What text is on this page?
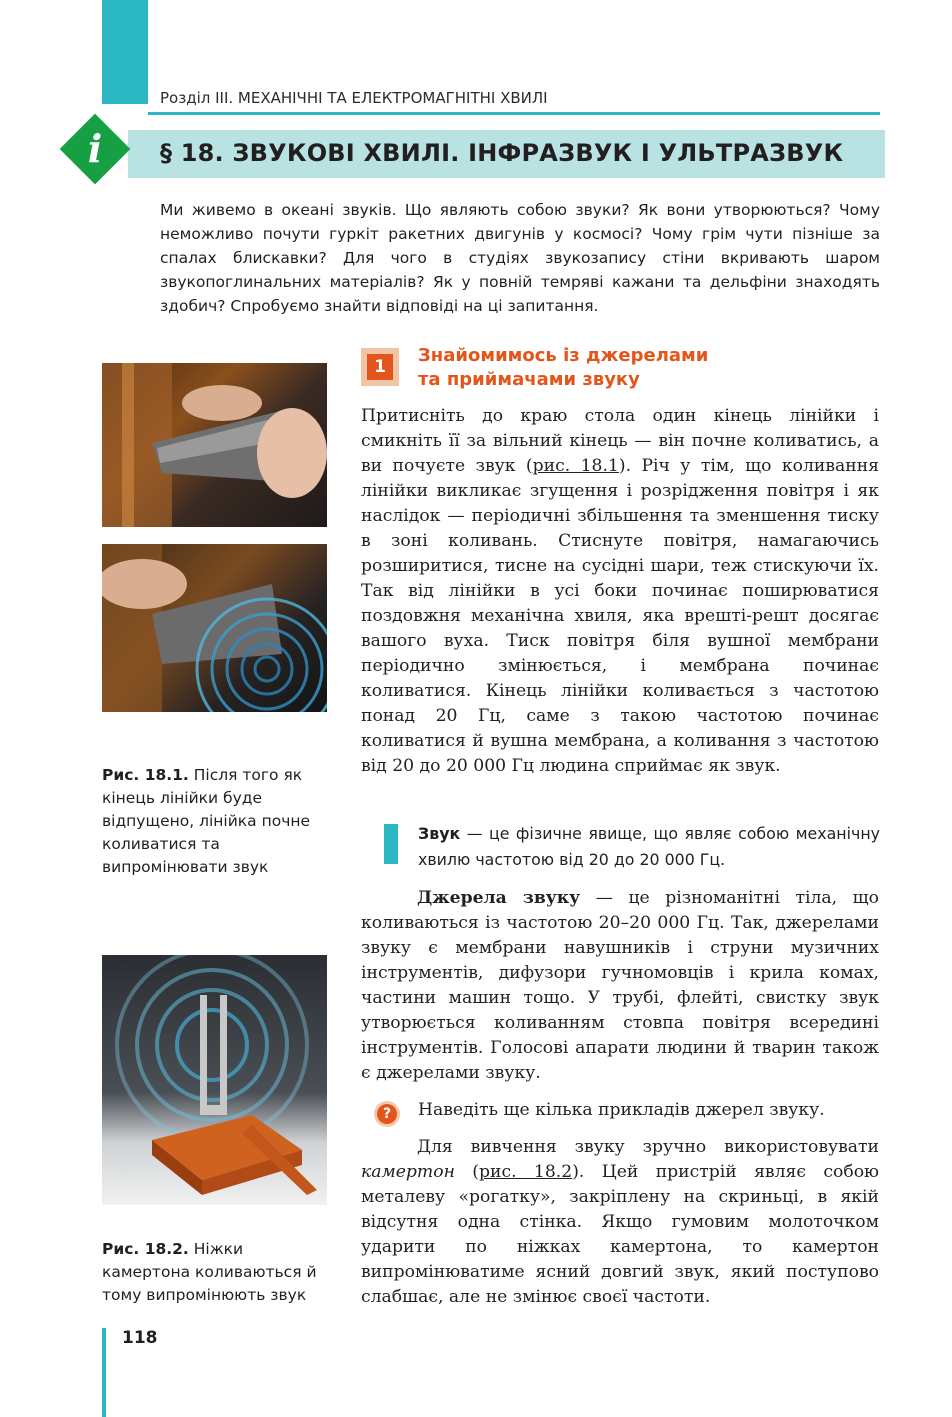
Розділ ІІІ. МЕХАНІЧНІ ТА ЕЛЕКТРОМАГНІТНІ ХВИЛІ
i	§ 18. ЗВУКОВІ ХВИЛІ. ІНФРАЗВУК І УЛЬТРАЗВУК

Ми живемо в океані звуків. Що являють собою звуки? Як вони утворюються? Чому неможливо почути гуркіт ракетних двигунів у космосі? Чому грім чути пізніше за спалах блискавки? Для чого в студіях звукозапису стіни вкривають шаром звукопоглинальних матеріалів? Як у повній темряві кажани та дельфіни знаходять здобич? Спробуємо знайти відповіді на ці запитання.

Рис. 18.1. Після того як кінець лінійки буде відпущено, лінійка почне коливатися та випромінювати звук
Рис. 18.2. Ніжки камертона коливаються й тому випромінюють звук
1
Знайомимось із джерелами
та приймачами звуку

Притисніть до краю стола один кінець лінійки і смикніть її за вільний кінець — він почне коливатись, а ви почуєте звук (рис. 18.1). Річ у тім, що коливання лінійки викликає згущення і розрідження повітря і як наслідок — періодичні збільшення та зменшення тиску в зоні коливань. Стиснуте повітря, намагаючись розширитися, тисне на сусідні шари, теж стискуючи їх. Так від лінійки в усі боки починає поширюватися поздовжня механічна хвиля, яка врешті-решт досягає вашого вуха. Тиск повітря біля вушної мембрани періодично змінюється, і мембрана починає коливатися. Кінець лінійки коливається з частотою понад 20 Гц, саме з такою частотою починає коливатися й вушна мембрана, а коливання з частотою від 20 до 20 000 Гц людина сприймає як звук.

Звук — це фізичне явище, що являє собою механічну хвилю частотою від 20 до 20 000 Гц.

Джерела звуку — це різноманітні тіла, що коливаються із частотою 20–20 000 Гц. Так, джерелами звуку є мембрани навушників і струни музичних інструментів, дифузори гучномовців і крила комах, частини машин тощо. У трубі, флейті, свистку звук утворюється коливанням стовпа повітря всередині інструментів. Голосові апарати людини й тварин також є джерелами звуку.

?	Наведіть ще кілька прикладів джерел звуку.

Для вивчення звуку зручно використовувати камертон (рис. 18.2). Цей пристрій являє собою металеву «рогатку», закріплену на скриньці, в якій відсутня одна стінка. Якщо гумовим молоточком ударити по ніжках камертона, то камертон випромінюватиме ясний довгий звук, який поступово слабшає, але не змінює своєї частоти.

118
